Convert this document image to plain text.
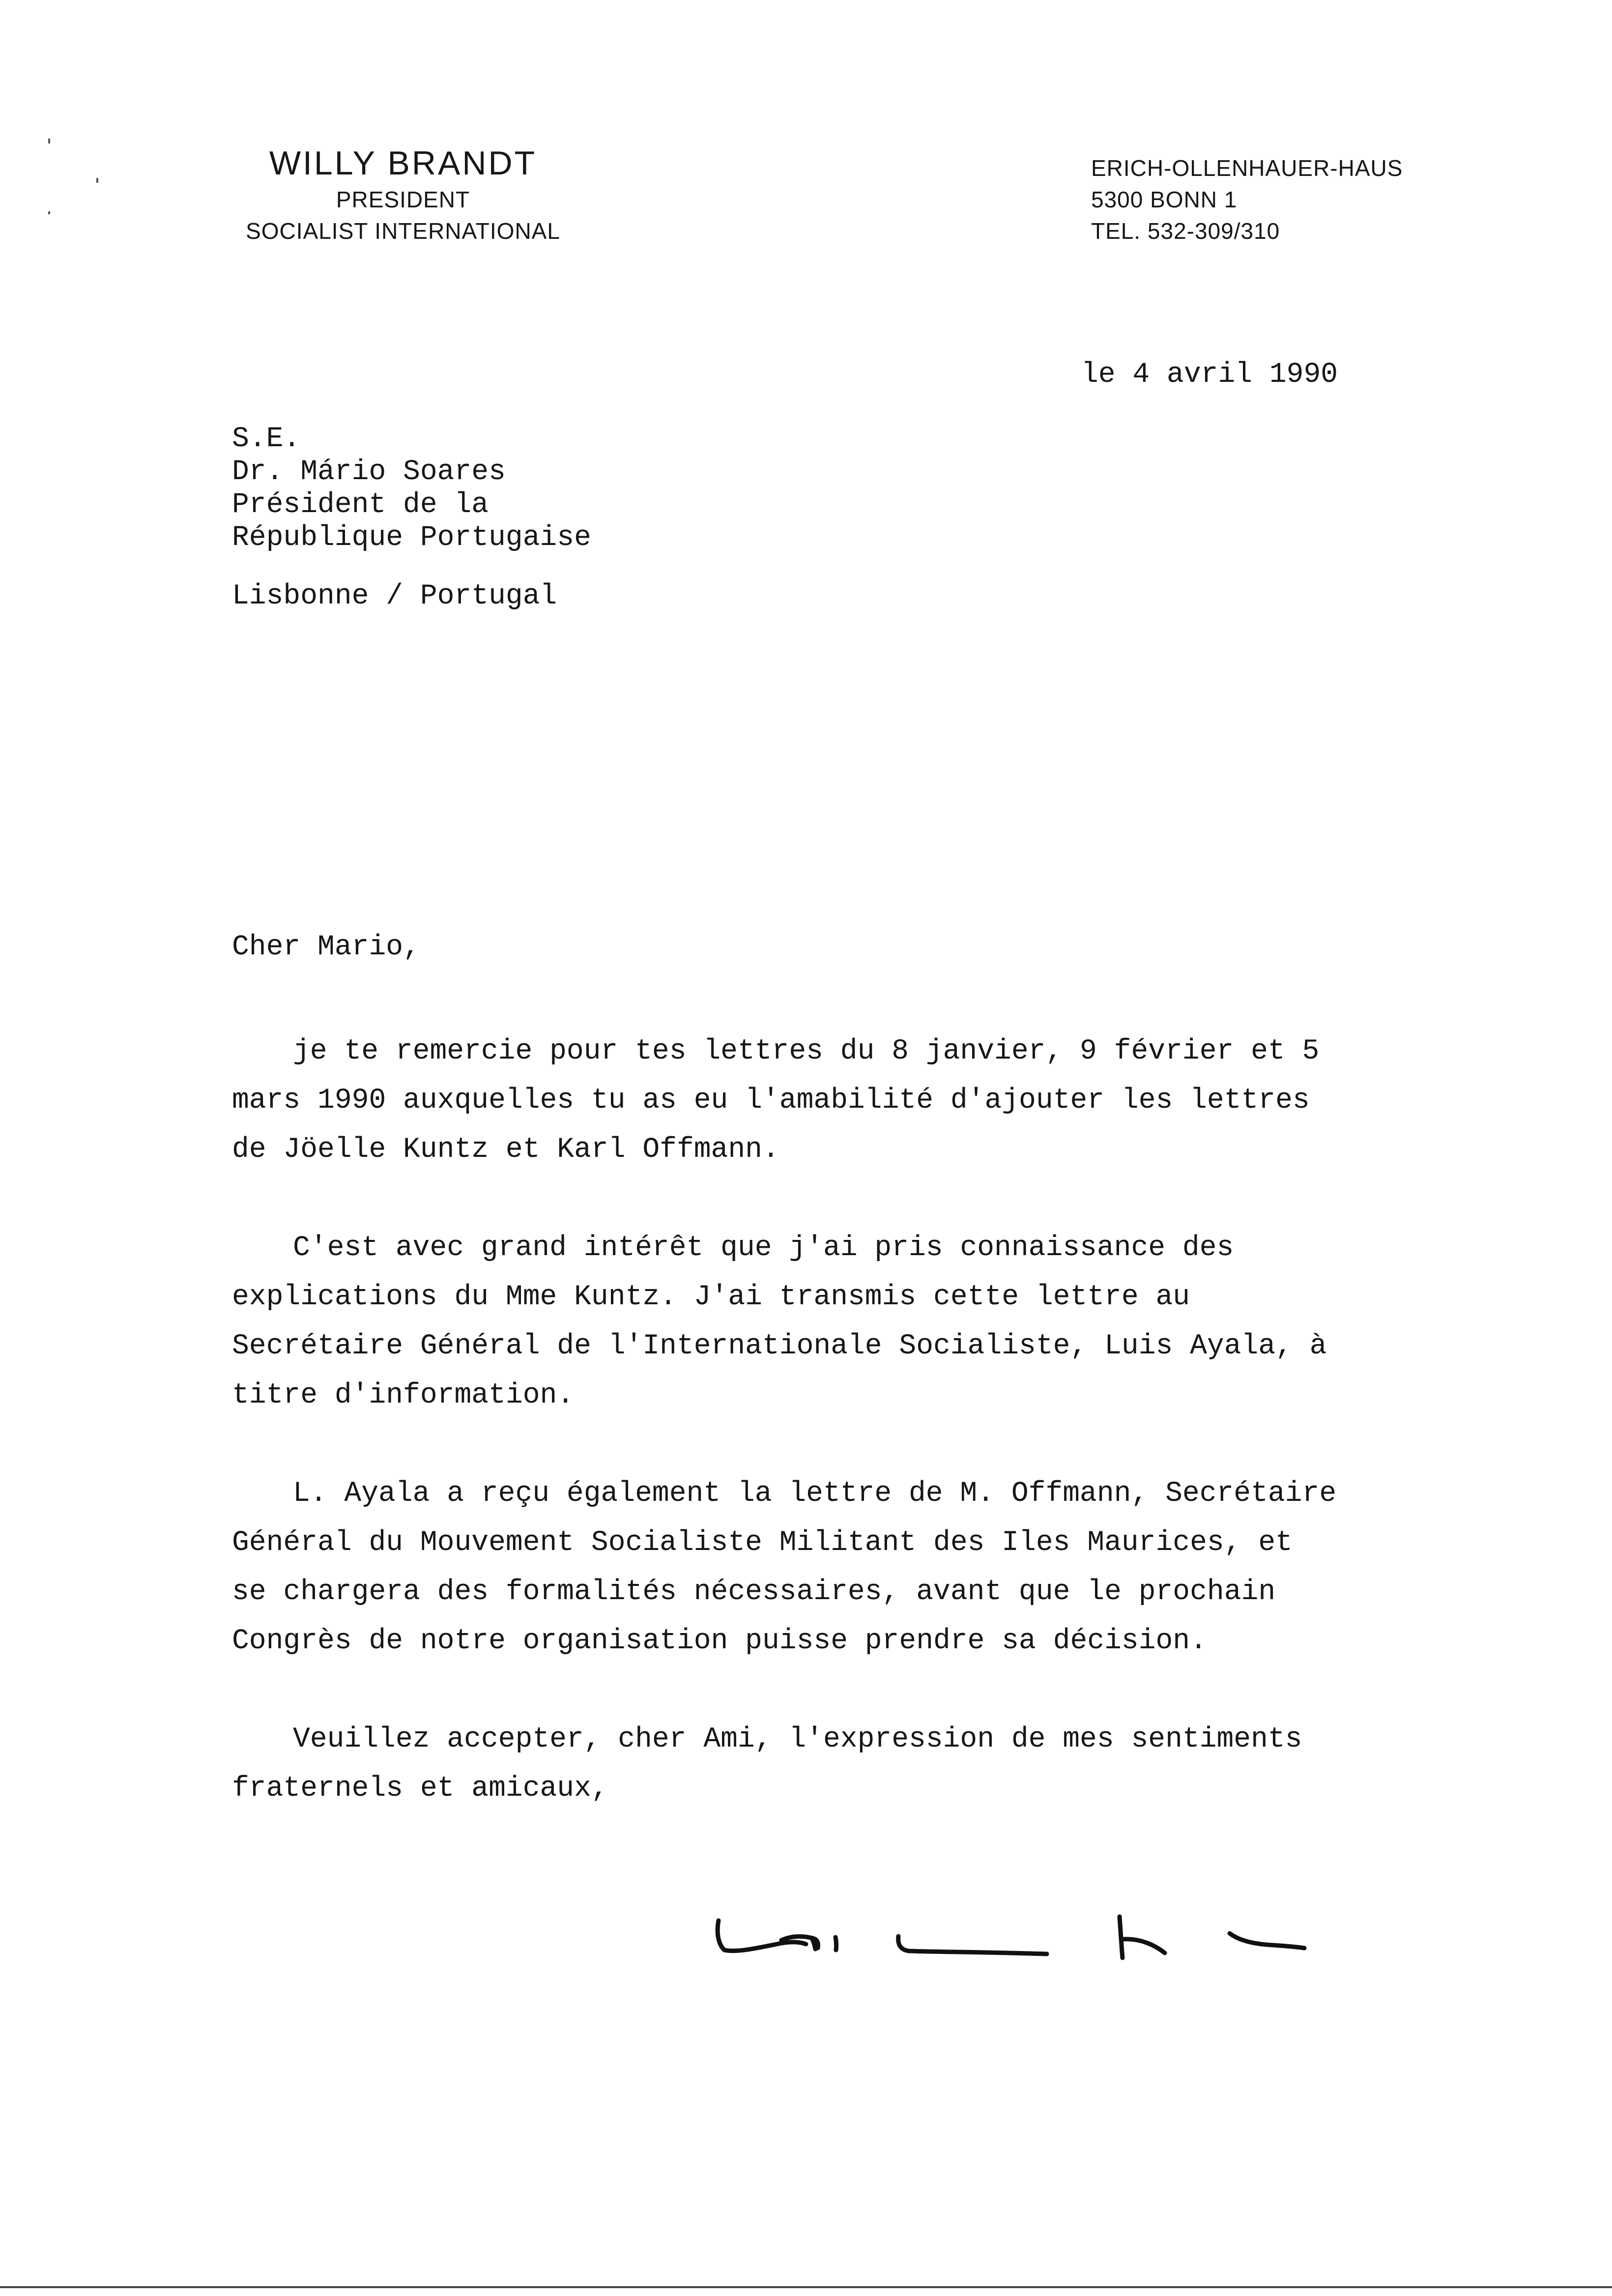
WILLY BRANDT
PRESIDENT
SOCIALIST INTERNATIONAL
ERICH-OLLENHAUER-HAUS
5300 BONN 1
TEL. 532-309/310
le 4 avril 1990
S.E.
Dr. Mário Soares
Président de la
République Portugaise
Lisbonne / Portugal
Cher Mario,
je te remercie pour tes lettres du 8 janvier, 9 février et 5
mars 1990 auxquelles tu as eu l'amabilité d'ajouter les lettres
de Jöelle Kuntz et Karl Offmann.
C'est avec grand intérêt que j'ai pris connaissance des
explications du Mme Kuntz. J'ai transmis cette lettre au
Secrétaire Général de l'Internationale Socialiste, Luis Ayala, à
titre d'information.
L. Ayala a reçu également la lettre de M. Offmann, Secrétaire
Général du Mouvement Socialiste Militant des Iles Maurices, et
se chargera des formalités nécessaires, avant que le prochain
Congrès de notre organisation puisse prendre sa décision.
Veuillez accepter, cher Ami, l'expression de mes sentiments
fraternels et amicaux,
